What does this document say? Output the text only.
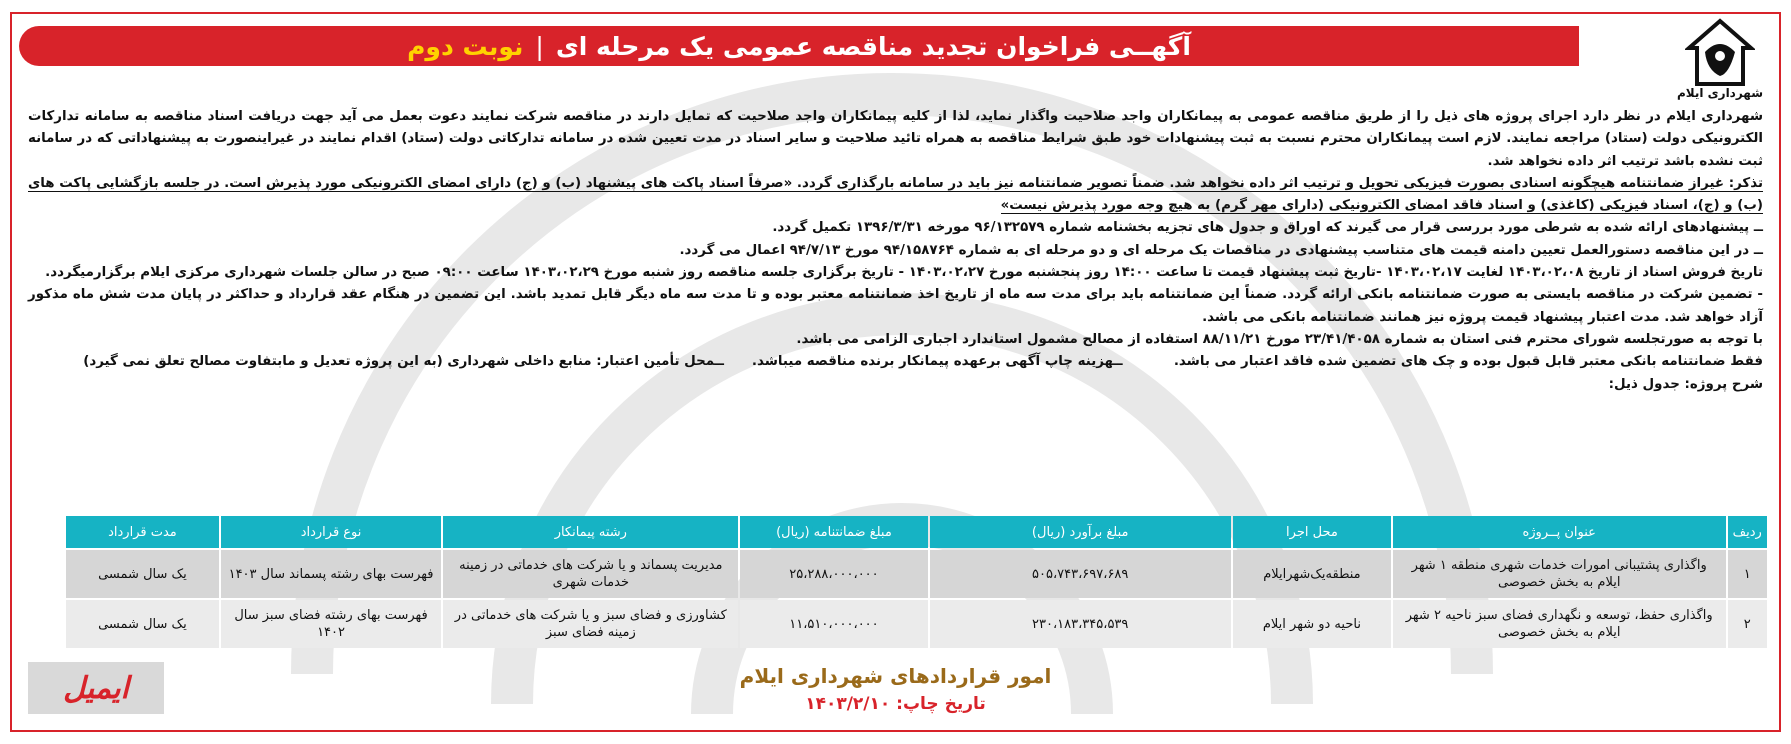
شهرداری ایلام
آگهــی فراخوان تجدید مناقصه عمومی یک مرحله ای
|
نوبت دوم

شهرداری ایلام در نظر دارد اجرای پروژه های ذیل را از طریق مناقصه عمومی به پیمانکاران واجد صلاحیت واگذار نماید، لذا از کلیه پیمانکاران واجد صلاحیت که تمایل دارند در مناقصه شرکت نمایند دعوت بعمل می آید جهت دریافت اسناد مناقصه به سامانه تدارکات الکترونیکی دولت (ستاد) مراجعه نمایند. لازم است پیمانکاران محترم نسبت به ثبت پیشنهادات خود طبق شرایط مناقصه به همراه تائید صلاحیت و سایر اسناد در مدت تعیین شده در سامانه تدارکاتی دولت (ستاد) اقدام نمایند در غیراینصورت به پیشنهاداتی که در سامانه ثبت نشده باشد ترتیب اثر داده نخواهد شد.

تذکر: غیراز ضمانتنامه هیچگونه اسنادی بصورت فیزیکی تحویل و ترتیب اثر داده نخواهد شد. ضمناً تصویر ضمانتنامه نیز باید در سامانه بارگذاری گردد. «صرفاً اسناد پاکت های پیشنهاد (ب) و (ج) دارای امضای الکترونیکی مورد پذیرش است. در جلسه بازگشایی پاکت های (ب) و (ج)، اسناد فیزیکی (کاغذی) و اسناد فاقد امضای الکترونیکی (دارای مهر گرم) به هیچ وجه مورد پذیرش نیست»

ــ پیشنهادهای ارائه شده به شرطی مورد بررسی قرار می گیرند که اوراق و جدول های تجزیه بخشنامه شماره ۹۶/۱۳۲۵۷۹ مورخه ۱۳۹۶/۳/۳۱ تکمیل گردد.

ــ در این مناقصه دستورالعمل تعیین دامنه قیمت های متناسب پیشنهادی در مناقصات یک مرحله ای و دو مرحله ای به شماره ۹۴/۱۵۸۷۶۴ مورخ ۹۴/۷/۱۳ اعمال می گردد.

تاریخ فروش اسناد از تاریخ ۱۴۰۳،۰۲،۰۸ لغایت ۱۴۰۳،۰۲،۱۷ -تاریخ ثبت پیشنهاد قیمت تا ساعت ۱۴:۰۰ روز پنجشنبه مورخ ۱۴۰۳،۰۲،۲۷ - تاریخ برگزاری جلسه مناقصه روز شنبه مورخ ۱۴۰۳،۰۲،۲۹ ساعت ۰۹:۰۰ صبح در سالن جلسات شهرداری مرکزی ایلام برگزارمیگردد.

- تضمین شرکت در مناقصه بایستی به صورت ضمانتنامه بانکی ارائه گردد. ضمناً این ضمانتنامه باید برای مدت سه ماه از تاریخ اخذ ضمانتنامه معتبر بوده و تا مدت سه ماه دیگر قابل تمدید باشد. این تضمین در هنگام عقد قرارداد و حداکثر در پایان مدت شش ماه مذکور آزاد خواهد شد. مدت اعتبار پیشنهاد قیمت پروژه نیز همانند ضمانتنامه بانکی می باشد.

با توجه به صورتجلسه شورای محترم فنی استان به شماره ۲۳/۴۱/۴۰۵۸ مورخ ۸۸/۱۱/۲۱ استفاده از مصالح مشمول استاندارد اجباری الزامی می باشد.

فقط ضمانتنامه بانکی معتبر قابل قبول بوده و چک های تضمین شده فاقد اعتبار می باشد.           ــهزینه چاپ آگهی برعهده پیمانکار برنده مناقصه میباشد.      ــمحل تأمین اعتبار: منابع داخلی شهرداری (به این پروژه تعدیل و مابتفاوت مصالح تعلق نمی گیرد)

شرح پروژه: جدول ذیل:

ردیف	عنوان پــروژه	محل اجرا	مبلغ برآورد (ریال)	مبلغ ضمانتنامه (ریال)	رشته پیمانکار	نوع قرارداد	مدت قرارداد
۱	واگذاری پشتیبانی امورات خدمات شهری منطقه ۱ شهر ایلام به بخش خصوصی	منطقه‌یک‌شهرایلام	۵۰۵،۷۴۳،۶۹۷،۶۸۹	۲۵،۲۸۸،۰۰۰،۰۰۰	مدیریت پسماند و یا شرکت های خدماتی در زمینه خدمات شهری	فهرست بهای رشته پسماند سال ۱۴۰۳	یک سال شمسی
۲	واگذاری حفظ، توسعه و نگهداری فضای سبز ناحیه ۲ شهر ایلام به بخش خصوصی	ناحیه دو شهر ایلام	۲۳۰،۱۸۳،۳۴۵،۵۳۹	۱۱،۵۱۰،۰۰۰،۰۰۰	کشاورزی و فضای سبز و یا شرکت های خدماتی در زمینه فضای سبز	فهرست بهای رشته فضای سبز سال ۱۴۰۲	یک سال شمسی
امور قراردادهای شهرداری ایلام
تاریخ چاپ: ۱۴۰۳/۲/۱۰
ایمیل
